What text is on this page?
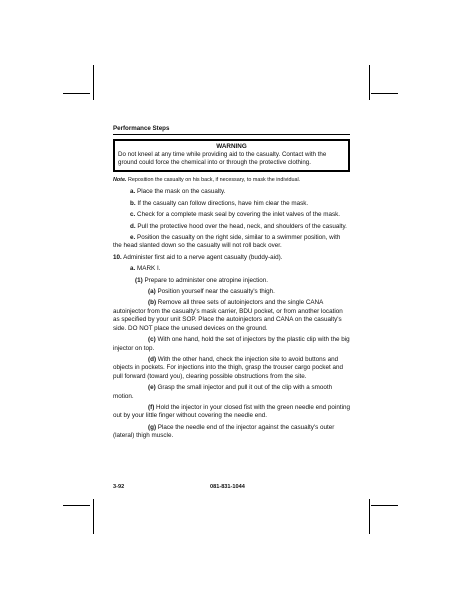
Performance Steps
WARNING
Do not kneel at any time while providing aid to the casualty. Contact with the ground could force the chemical into or through the protective clothing.
Note. Reposition the casualty on his back, if necessary, to mask the individual.

a. Place the mask on the casualty.

b. If the casualty can follow directions, have him clear the mask.

c. Check for a complete mask seal by covering the inlet valves of the mask.

d. Pull the protective hood over the head, neck, and shoulders of the casualty.

e. Position the casualty on the right side, similar to a swimmer position, with the head slanted down so the casualty will not roll back over.

10. Administer first aid to a nerve agent casualty (buddy-aid).

a. MARK I.

(1) Prepare to administer one atropine injection.

(a) Position yourself near the casualty's thigh.

(b) Remove all three sets of autoinjectors and the single CANA autoinjector from the casualty's mask carrier, BDU pocket, or from another location as specified by your unit SOP. Place the autoinjectors and CANA on the casualty's side. DO NOT place the unused devices on the ground.

(c) With one hand, hold the set of injectors by the plastic clip with the big injector on top.

(d) With the other hand, check the injection site to avoid buttons and objects in pockets. For injections into the thigh, grasp the trouser cargo pocket and pull forward (toward you), clearing possible obstructions from the site.

(e) Grasp the small injector and pull it out of the clip with a smooth motion.

(f) Hold the injector in your closed fist with the green needle end pointing out by your little finger without covering the needle end.

(g) Place the needle end of the injector against the casualty's outer (lateral) thigh muscle.

3-92	081-831-1044
